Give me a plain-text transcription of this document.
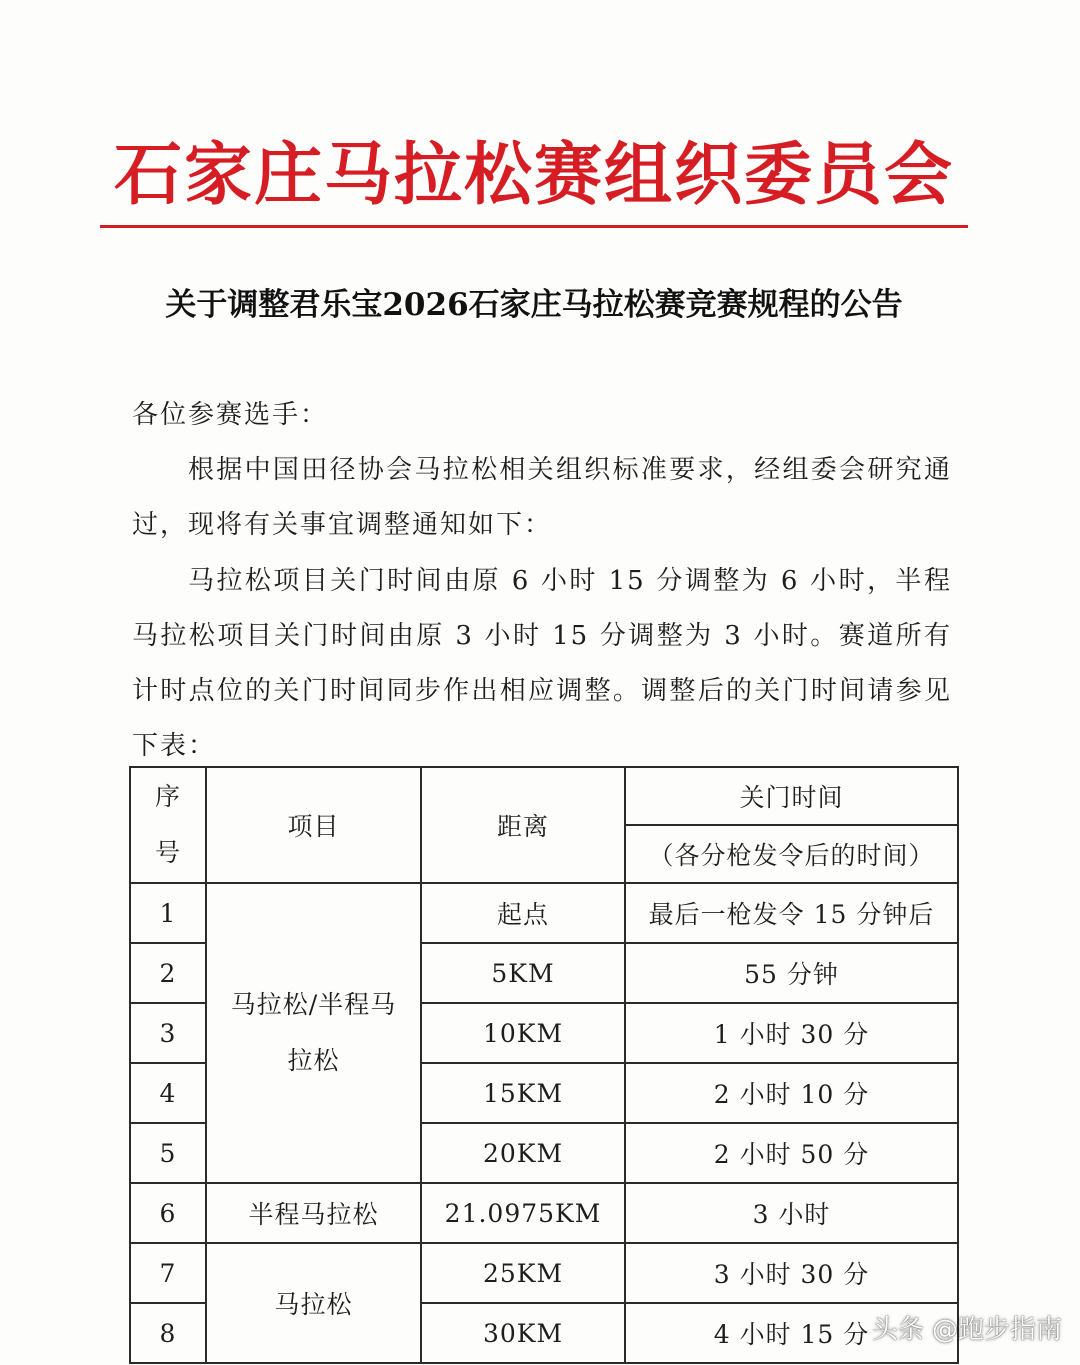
石家庄马拉松赛组织委员会
关于调整君乐宝2026石家庄马拉松赛竞赛规程的公告
各位参赛选手：

根据中国田径协会马拉松相关组织标准要求，经组委会研究通过，现将有关事宜调整通知如下：

马拉松项目关门时间由原 6 小时 15 分调整为 6 小时，半程马拉松项目关门时间由原 3 小时 15 分调整为 3 小时。赛道所有计时点位的关门时间同步作出相应调整。调整后的关门时间请参见下表：

序
号	项目	距离	关门时间
			（各分枪发令后的时间）
1	马拉松/半程马拉松	起点	最后一枪发令 15 分钟后
2		5KM	55 分钟
3		10KM	1 小时 30 分
4		15KM	2 小时 10 分
5		20KM	2 小时 50 分
6	半程马拉松	21.0975KM	3 小时
7	马拉松	25KM	3 小时 30 分
8		30KM	4 小时 15 分 头条 @跑步指南
